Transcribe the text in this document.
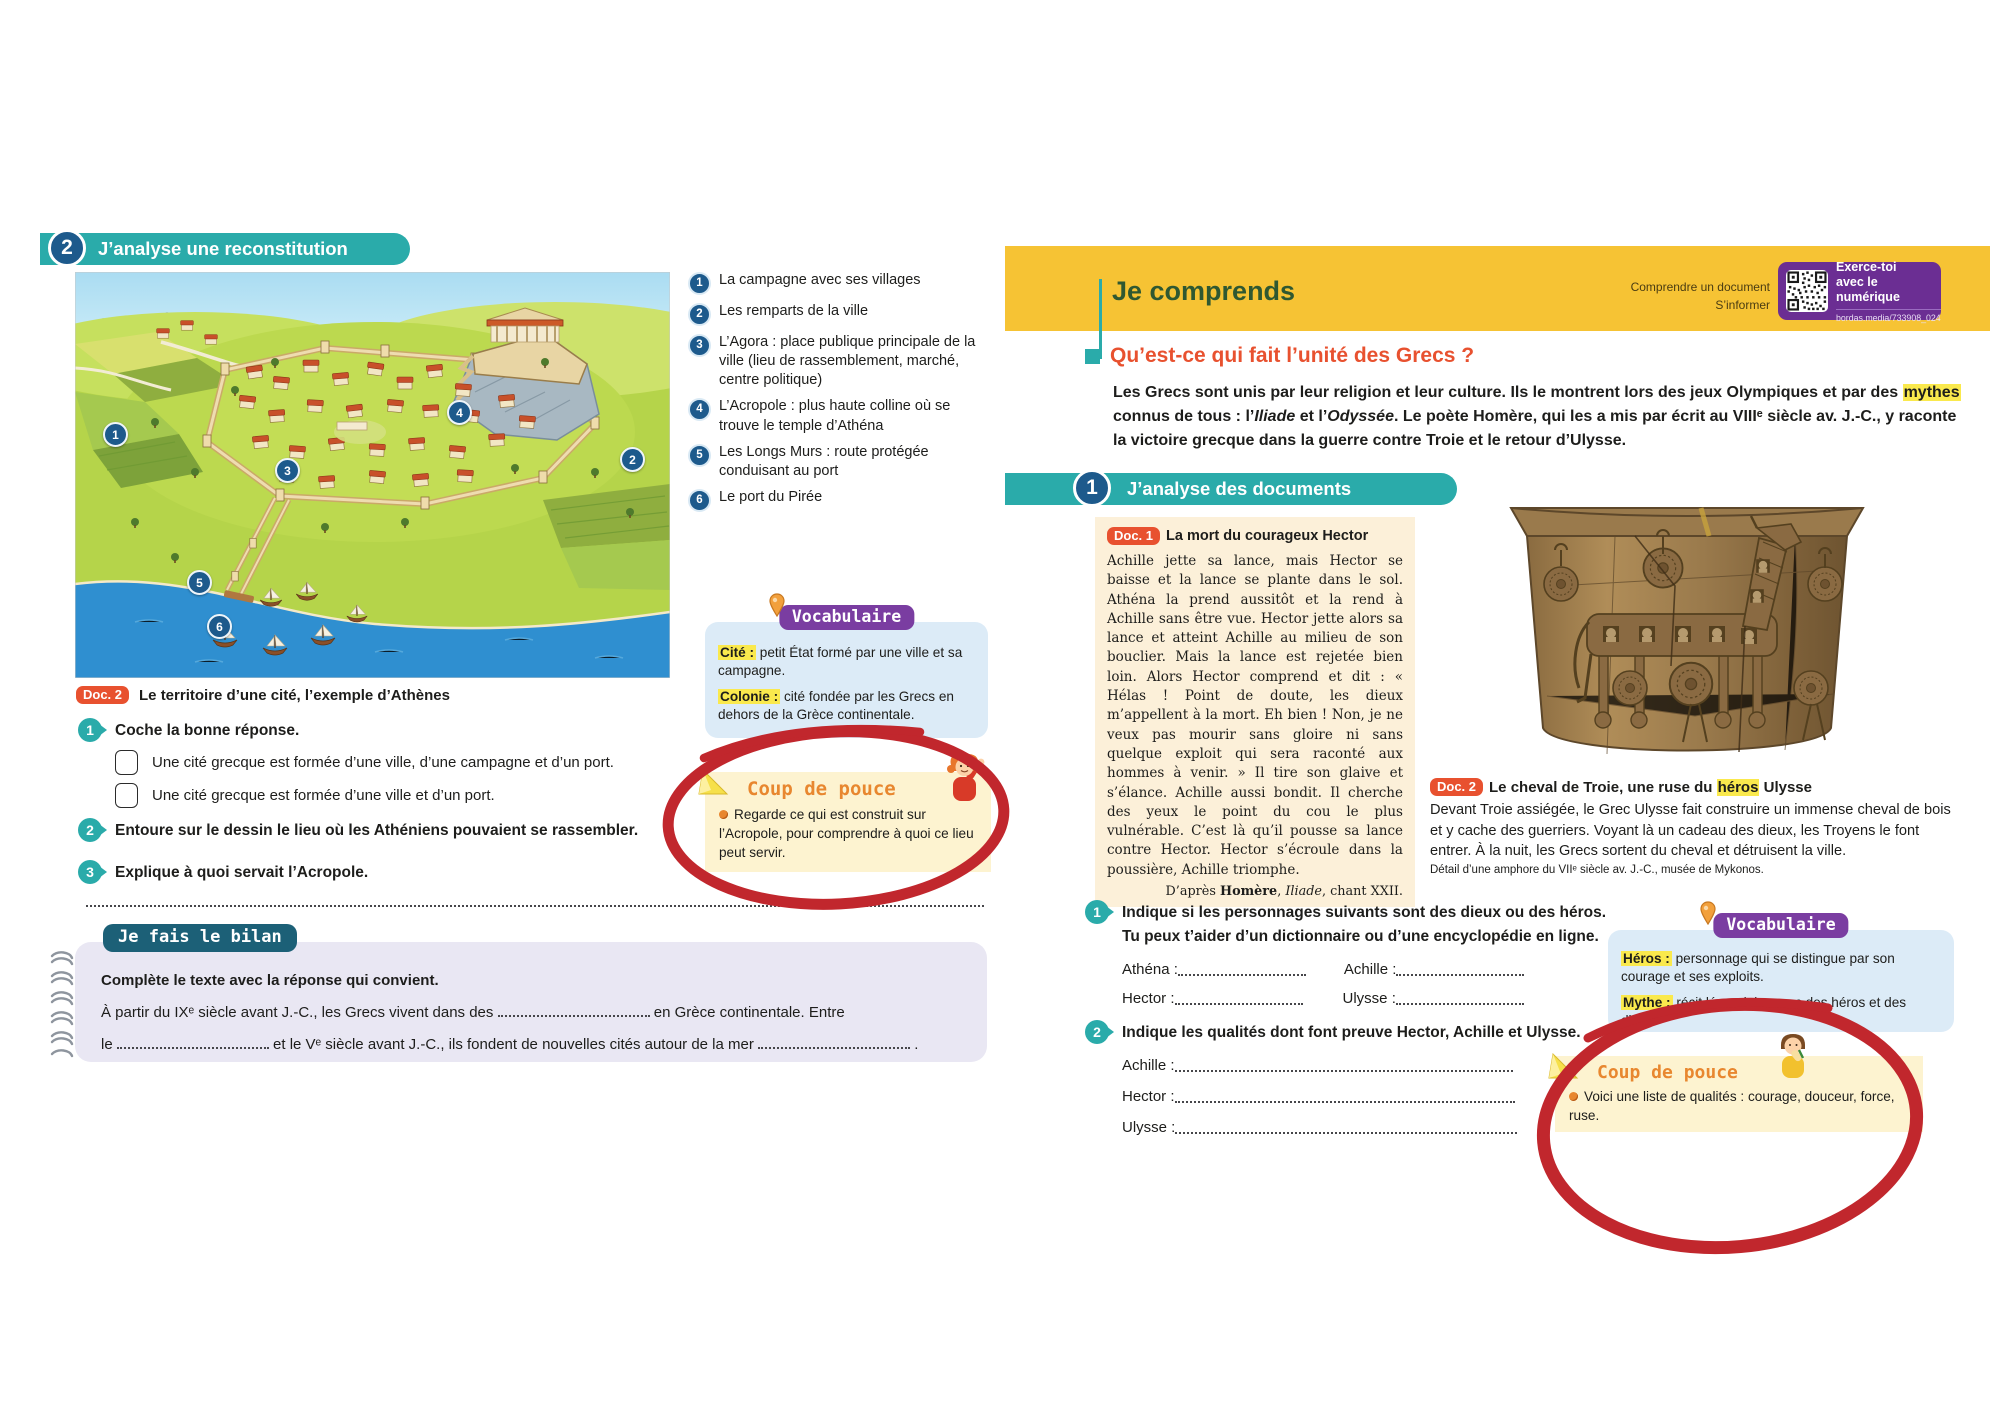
2	J’analyse une reconstitution
1
2
3
4
5
6
1	La campagne avec ses villages
2	Les remparts de la ville
3	L’Agora : place publique principale de la ville (lieu de rassemblement, marché, centre politique)
4	L’Acropole : plus haute colline où se trouve le temple d’Athéna
5	Les Longs Murs : route protégée conduisant au port
6	Le port du Pirée
Doc. 2	Le territoire d’une cité, l’exemple d’Athènes
1	Coche la bonne réponse.
Une cité grecque est formée d’une ville, d’une campagne et d’un port.
Une cité grecque est formée d’une ville et d’un port.
2	Entoure sur le dessin le lieu où les Athéniens pouvaient se rassembler.
3	Explique à quoi servait l’Acropole.
Je fais le bilan
Complète le texte avec la réponse qui convient.
À partir du IXᵉ siècle avant J.-C., les Grecs vivent dans des	en Grèce continentale. Entre
le	et le Vᵉ siècle avant J.-C., ils fondent de nouvelles cités autour de la mer	.
Vocabulaire

Cité : petit État formé par une ville et sa campagne.

Colonie : cité fondée par les Grecs en dehors de la Grèce continentale.

Coup de pouce
Regarde ce qui est construit sur l’Acropole, pour comprendre à quoi ce lieu peut servir.
Je comprends	Comprendre un document
S’informer
Exerce-toi
avec le numérique
bordas.media/733908_024
Qu’est-ce qui fait l’unité des Grecs ?
Les Grecs sont unis par leur religion et leur culture. Ils le montrent lors des jeux Olympiques et par des mythes connus de tous : l’Iliade et l’Odyssée. Le poète Homère, qui les a mis par écrit au VIIIᵉ siècle av. J.-C., y raconte la victoire grecque dans la guerre contre Troie et le retour d’Ulysse.
1	J’analyse des documents
Doc. 1 La mort du courageux Hector
Achille jette sa lance, mais Hector se baisse et la lance se plante dans le sol. Athéna la prend aussitôt et la rend à Achille sans être vue. Hector jette alors sa lance et atteint Achille au milieu de son bouclier. Mais la lance est rejetée bien loin. Alors Hector comprend et dit : « Hélas ! Point de doute, les dieux m’appellent à la mort. Eh bien ! Non, je ne veux pas mourir sans gloire ni sans quelque exploit qui sera raconté aux hommes à venir. » Il tire son glaive et s’élance. Achille aussi bondit. Il cherche des yeux le point du cou le plus vulnérable. C’est là qu’il pousse sa lance contre Hector. Hector s’écroule dans la poussière, Achille triomphe.
D’après Homère, Iliade, chant XXII.
Doc. 2 Le cheval de Troie, une ruse du héros Ulysse
Devant Troie assiégée, le Grec Ulysse fait construire un immense cheval de bois et y cache des guerriers. Voyant là un cadeau des dieux, les Troyens le font entrer. À la nuit, les Grecs sortent du cheval et détruisent la ville.
Détail d’une amphore du VIIᵉ siècle av. J.-C., musée de Mykonos.
1	Indique si les personnages suivants sont des dieux ou des héros.
Tu peux t’aider d’un dictionnaire ou d’une encyclopédie en ligne.
Athéna :	Achille :
Hector :	Ulysse :
2	Indique les qualités dont font preuve Hector, Achille et Ulysse.
Achille :
Hector :
Ulysse :
Vocabulaire

Héros : personnage qui se distingue par son courage et ses exploits.

Mythe : récit légendaire avec des héros et des dieux.

Coup de pouce
Voici une liste de qualités : courage, douceur, force, ruse.
